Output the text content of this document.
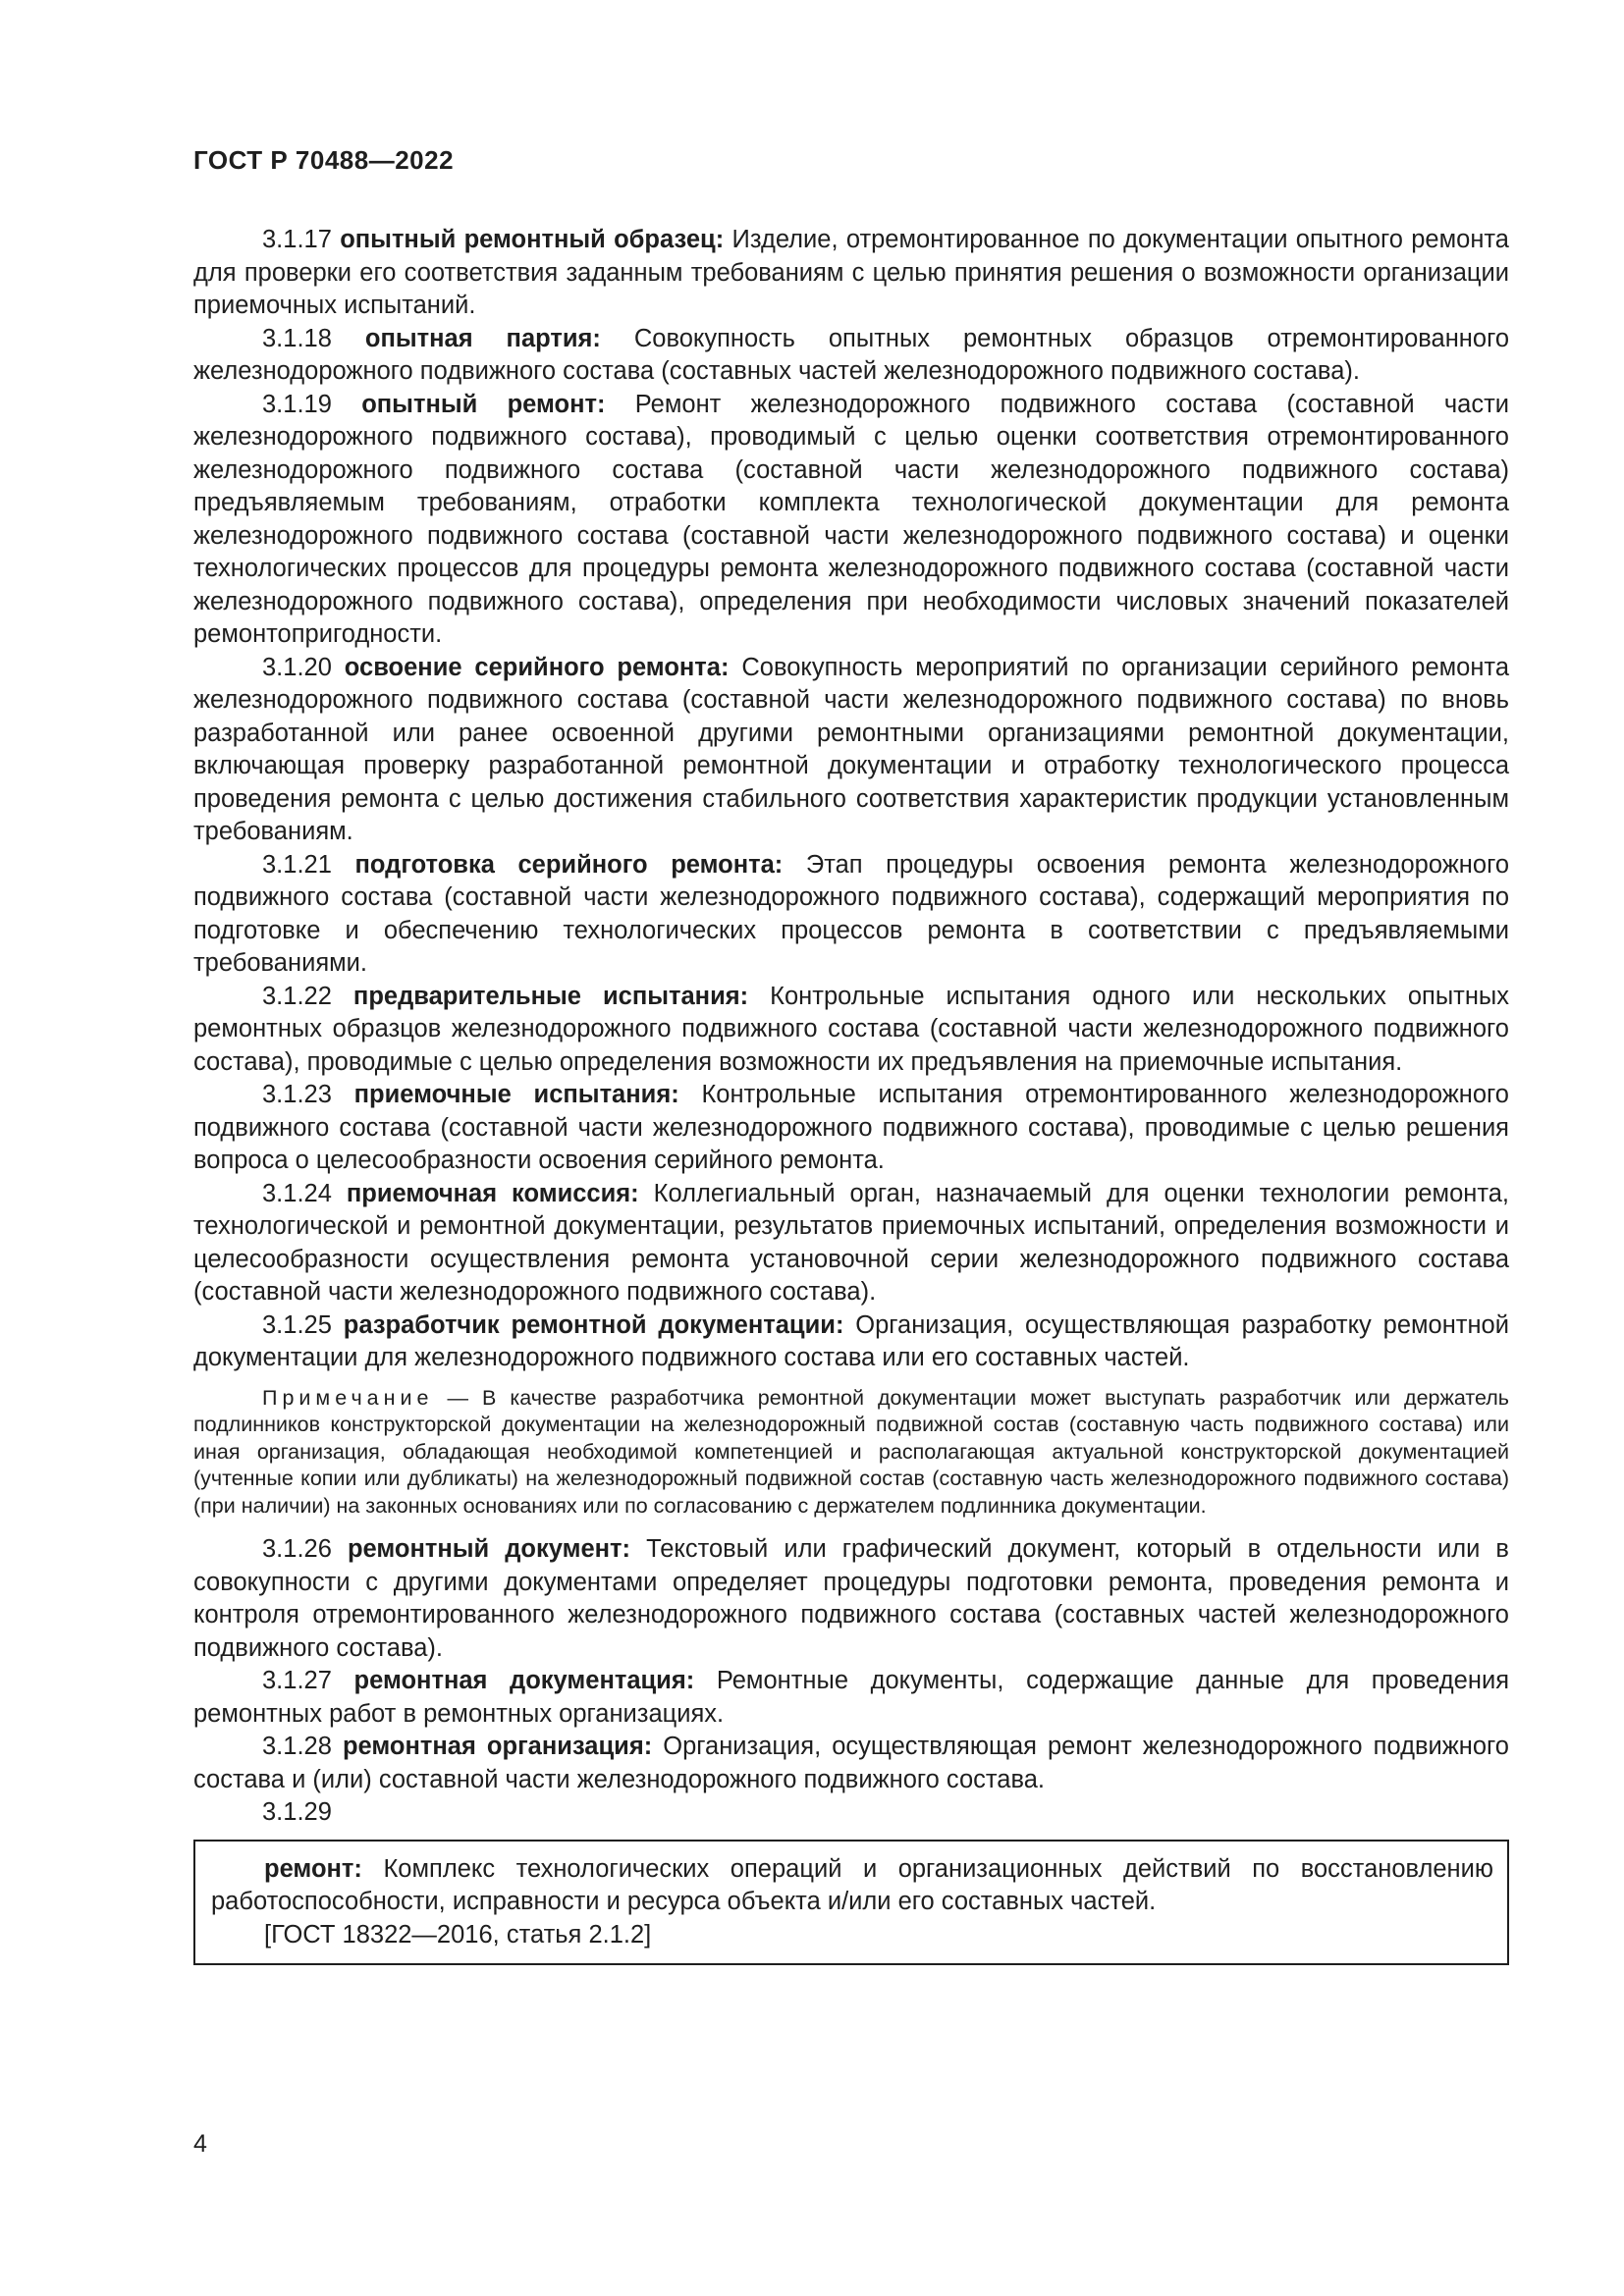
ГОСТ Р 70488—2022

3.1.17 опытный ремонтный образец: Изделие, отремонтированное по документации опытного ремонта для проверки его соответствия заданным требованиям с целью принятия решения о возможности организации приемочных испытаний.

3.1.18 опытная партия: Совокупность опытных ремонтных образцов отремонтированного железнодорожного подвижного состава (составных частей железнодорожного подвижного состава).

3.1.19 опытный ремонт: Ремонт железнодорожного подвижного состава (составной части железнодорожного подвижного состава), проводимый с целью оценки соответствия отремонтированного железнодорожного подвижного состава (составной части железнодорожного подвижного состава) предъявляемым требованиям, отработки комплекта технологической документации для ремонта железнодорожного подвижного состава (составной части железнодорожного подвижного состава) и оценки технологических процессов для процедуры ремонта железнодорожного подвижного состава (составной части железнодорожного подвижного состава), определения при необходимости числовых значений показателей ремонтопригодности.

3.1.20 освоение серийного ремонта: Совокупность мероприятий по организации серийного ремонта железнодорожного подвижного состава (составной части железнодорожного подвижного состава) по вновь разработанной или ранее освоенной другими ремонтными организациями ремонтной документации, включающая проверку разработанной ремонтной документации и отработку технологического процесса проведения ремонта с целью достижения стабильного соответствия характеристик продукции установленным требованиям.

3.1.21 подготовка серийного ремонта: Этап процедуры освоения ремонта железнодорожного подвижного состава (составной части железнодорожного подвижного состава), содержащий мероприятия по подготовке и обеспечению технологических процессов ремонта в соответствии с предъявляемыми требованиями.

3.1.22 предварительные испытания: Контрольные испытания одного или нескольких опытных ремонтных образцов железнодорожного подвижного состава (составной части железнодорожного подвижного состава), проводимые с целью определения возможности их предъявления на приемочные испытания.

3.1.23 приемочные испытания: Контрольные испытания отремонтированного железнодорожного подвижного состава (составной части железнодорожного подвижного состава), проводимые с целью решения вопроса о целесообразности освоения серийного ремонта.

3.1.24 приемочная комиссия: Коллегиальный орган, назначаемый для оценки технологии ремонта, технологической и ремонтной документации, результатов приемочных испытаний, определения возможности и целесообразности осуществления ремонта установочной серии железнодорожного подвижного состава (составной части железнодорожного подвижного состава).

3.1.25 разработчик ремонтной документации: Организация, осуществляющая разработку ремонтной документации для железнодорожного подвижного состава или его составных частей.

Примечание — В качестве разработчика ремонтной документации может выступать разработчик или держатель подлинников конструкторской документации на железнодорожный подвижной состав (составную часть подвижного состава) или иная организация, обладающая необходимой компетенцией и располагающая актуальной конструкторской документацией (учтенные копии или дубликаты) на железнодорожный подвижной состав (составную часть железнодорожного подвижного состава) (при наличии) на законных основаниях или по согласованию с держателем подлинника документации.

3.1.26 ремонтный документ: Текстовый или графический документ, который в отдельности или в совокупности с другими документами определяет процедуры подготовки ремонта, проведения ремонта и контроля отремонтированного железнодорожного подвижного состава (составных частей железнодорожного подвижного состава).

3.1.27 ремонтная документация: Ремонтные документы, содержащие данные для проведения ремонтных работ в ремонтных организациях.

3.1.28 ремонтная организация: Организация, осуществляющая ремонт железнодорожного подвижного состава и (или) составной части железнодорожного подвижного состава.

3.1.29

ремонт: Комплекс технологических операций и организационных действий по восстановлению работоспособности, исправности и ресурса объекта и/или его составных частей.

[ГОСТ 18322—2016, статья 2.1.2]

4
